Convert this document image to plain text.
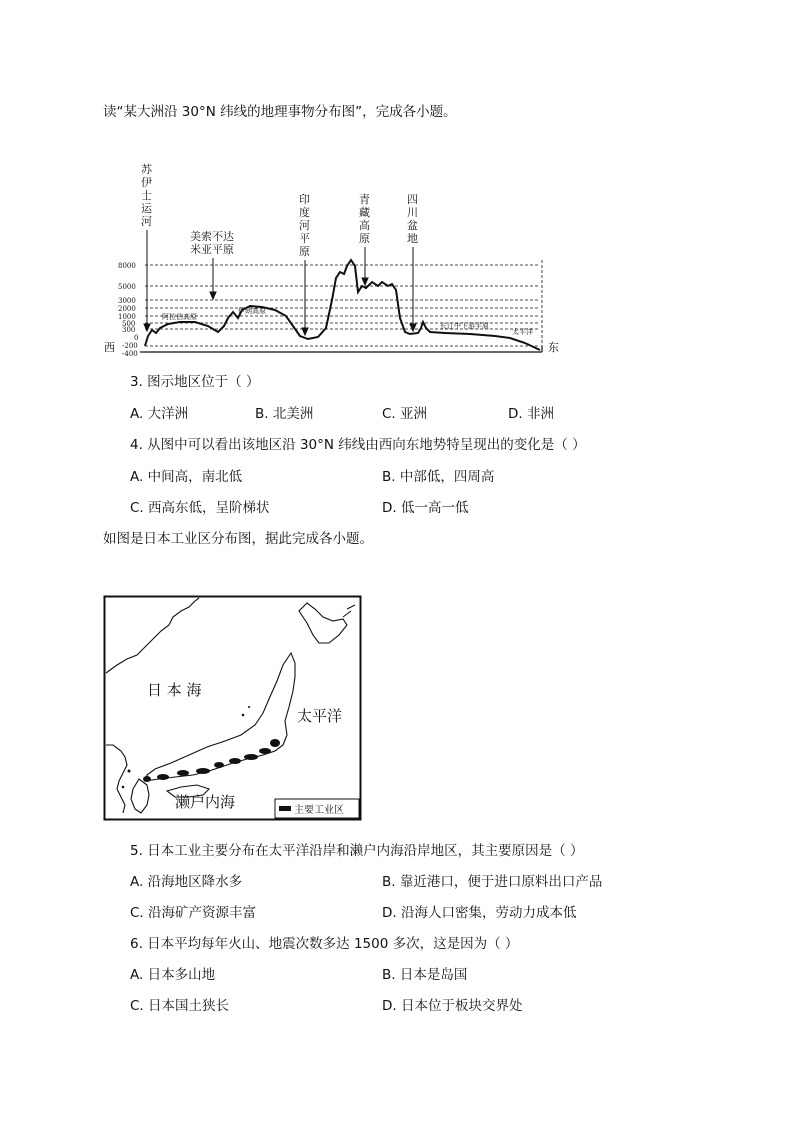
读“某大洲沿 30°N 纬线的地理事物分布图”，完成各小题。
苏
伊
士
运
河
美索不达
米亚平原
印
度
河
平
原
青
藏
高
原
四
川
盆
地
8000
5000
3000
2000
1000
500
300
0
-200
-400
阿拉伯高原
伊朗高原
长江中下游平原
太平洋
西	东
3. 图示地区位于（ ）
A. 大洋洲	B. 北美洲	C. 亚洲	D. 非洲
4. 从图中可以看出该地区沿 30°N 纬线由西向东地势特呈现出的变化是（ ）
A. 中间高，南北低	B. 中部低，四周高
C. 西高东低，呈阶梯状	D. 低一高一低
如图是日本工业区分布图，据此完成各小题。
日 本 海
太平洋
濑户内海	主要工业区
5. 日本工业主要分布在太平洋沿岸和濑户内海沿岸地区，其主要原因是（ ）
A. 沿海地区降水多	B. 靠近港口，便于进口原料出口产品
C. 沿海矿产资源丰富	D. 沿海人口密集，劳动力成本低
6. 日本平均每年火山、地震次数多达 1500 多次，这是因为（ ）
A. 日本多山地	B. 日本是岛国
C. 日本国土狭长	D. 日本位于板块交界处
